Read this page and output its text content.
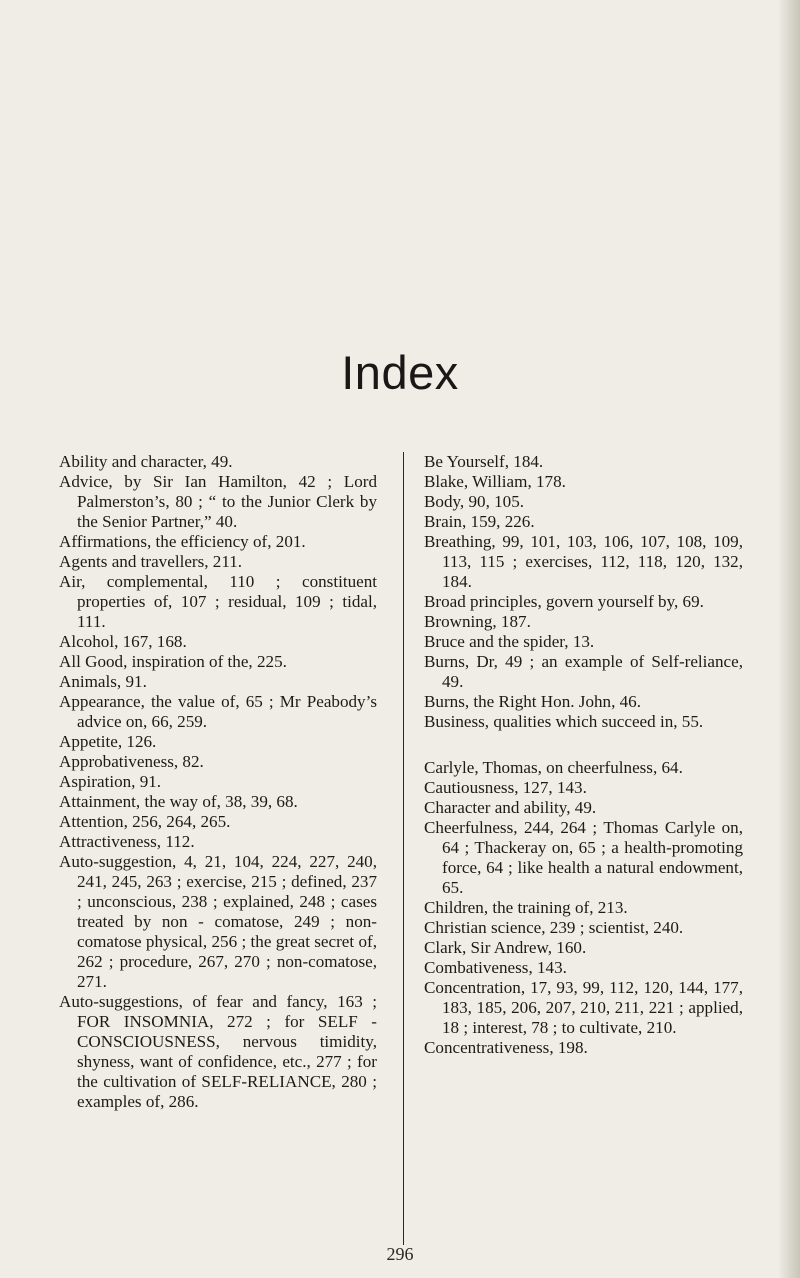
Index

Ability and character, 49.

Advice, by Sir Ian Hamilton, 42 ; Lord Palmerston’s, 80 ; “ to the Junior Clerk by the Senior Partner,” 40.

Affirmations, the efficiency of, 201.

Agents and travellers, 211.

Air, complemental, 110 ; constituent properties of, 107 ; residual, 109 ; tidal, 111.

Alcohol, 167, 168.

All Good, inspiration of the, 225.

Animals, 91.

Appearance, the value of, 65 ; Mr Peabody’s advice on, 66, 259.

Appetite, 126.

Approbativeness, 82.

Aspiration, 91.

Attainment, the way of, 38, 39, 68.

Attention, 256, 264, 265.

Attractiveness, 112.

Auto-suggestion, 4, 21, 104, 224, 227, 240, 241, 245, 263 ; exercise, 215 ; defined, 237 ; unconscious, 238 ; explained, 248 ; cases treated by non - comatose, 249 ; non-comatose physical, 256 ; the great secret of, 262 ; procedure, 267, 270 ; non-comatose, 271.

Auto-suggestions, of fear and fancy, 163 ; FOR INSOMNIA, 272 ; for SELF - CONSCIOUSNESS, nervous timidity, shyness, want of confidence, etc., 277 ; for the cultivation of SELF-RELIANCE, 280 ; examples of, 286.

Be Yourself, 184.

Blake, William, 178.

Body, 90, 105.

Brain, 159, 226.

Breathing, 99, 101, 103, 106, 107, 108, 109, 113, 115 ; exercises, 112, 118, 120, 132, 184.

Broad principles, govern yourself by, 69.

Browning, 187.

Bruce and the spider, 13.

Burns, Dr, 49 ; an example of Self-reliance, 49.

Burns, the Right Hon. John, 46.

Business, qualities which succeed in, 55.

Carlyle, Thomas, on cheerfulness, 64.

Cautiousness, 127, 143.

Character and ability, 49.

Cheerfulness, 244, 264 ; Thomas Carlyle on, 64 ; Thackeray on, 65 ; a health-promoting force, 64 ; like health a natural endowment, 65.

Children, the training of, 213.

Christian science, 239 ; scientist, 240.

Clark, Sir Andrew, 160.

Combativeness, 143.

Concentration, 17, 93, 99, 112, 120, 144, 177, 183, 185, 206, 207, 210, 211, 221 ; applied, 18 ; interest, 78 ; to cultivate, 210.

Concentrativeness, 198.

296
